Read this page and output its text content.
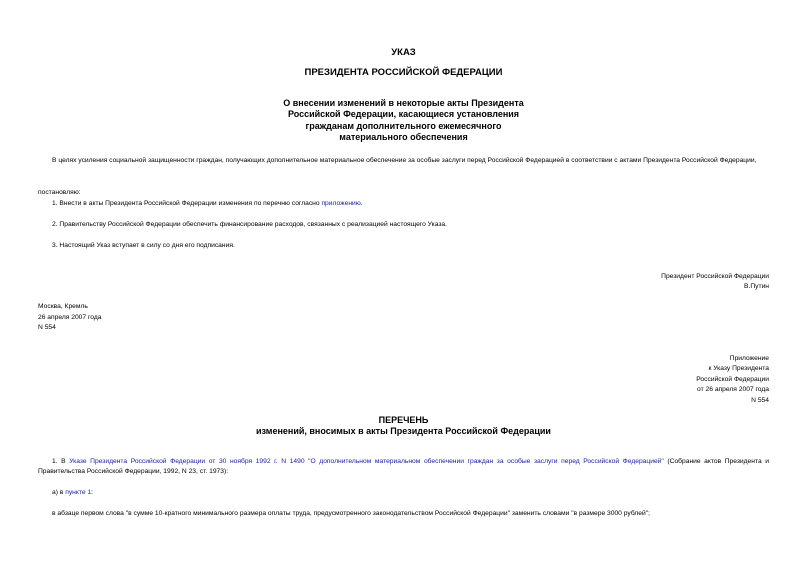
УКАЗ
ПРЕЗИДЕНТА РОССИЙСКОЙ ФЕДЕРАЦИИ
О внесении изменений в некоторые акты Президента
Российской Федерации, касающиеся установления
гражданам дополнительного ежемесячного
материального обеспечения
В целях усиления социальной защищенности граждан, получающих дополнительное материальное обеспечение за особые заслуги перед Российской Федерацией в соответствии с актами Президента Российской Федерации,
постановляю:
1. Внести в акты Президента Российской Федерации изменения по перечню согласно приложению.
2. Правительству Российской Федерации обеспечить финансирование расходов, связанных с реализацией настоящего Указа.
3. Настоящий Указ вступает в силу со дня его подписания.
Президент Российской Федерации
В.Путин
Москва, Кремль
26 апреля 2007 года
N 554
Приложение
к Указу Президента
Российской Федерации
от 26 апреля 2007 года
N 554
ПЕРЕЧЕНЬ
изменений, вносимых в акты Президента Российской Федерации
1. В Указе Президента Российской Федерации от 30 ноября 1992 г. N 1490 "О дополнительном материальном обеспечении граждан за особые заслуги перед Российской Федерацией" (Собрание актов Президента и Правительства Российской Федерации, 1992, N 23, ст. 1973):
а) в пункте 1:
в абзаце первом слова "в сумме 10-кратного минимального размера оплаты труда, предусмотренного законодательством Российской Федерации" заменить словами "в размере 3000 рублей";
